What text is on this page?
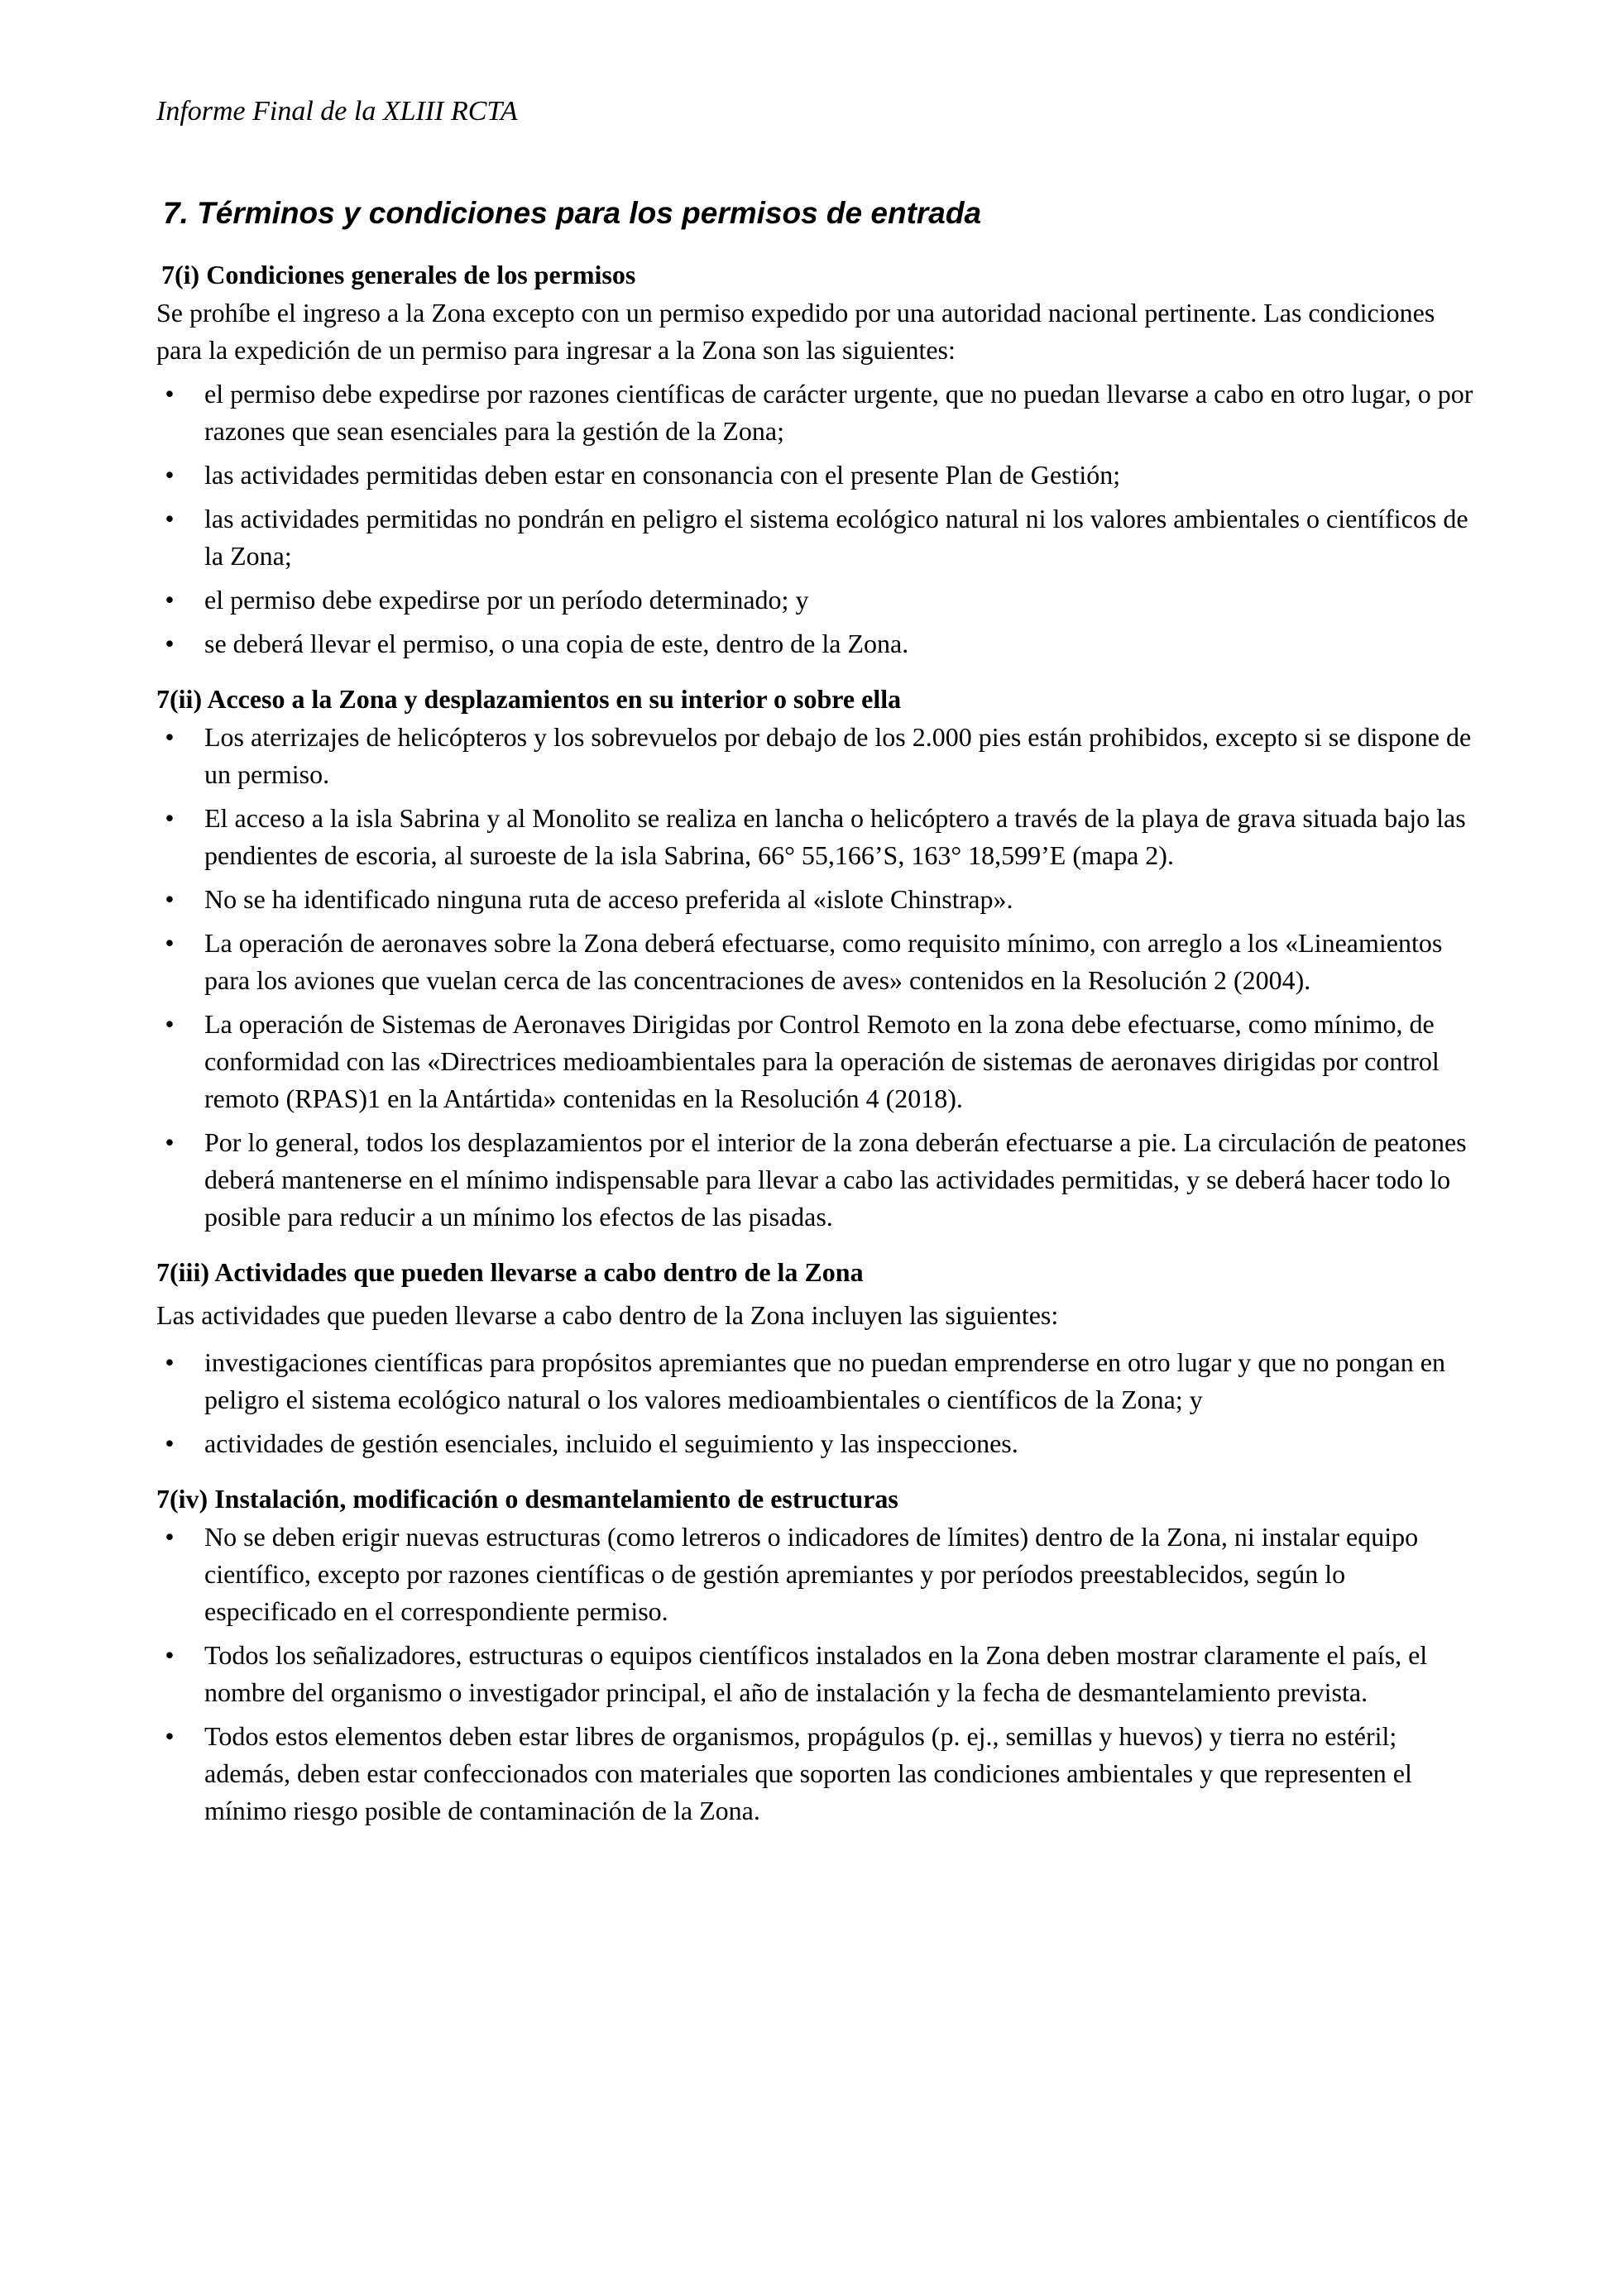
Informe Final de la XLIII RCTA
7. Términos y condiciones para los permisos de entrada
7(i) Condiciones generales de los permisos
Se prohíbe el ingreso a la Zona excepto con un permiso expedido por una autoridad nacional pertinente. Las condiciones para la expedición de un permiso para ingresar a la Zona son las siguientes:
• el permiso debe expedirse por razones científicas de carácter urgente, que no puedan llevarse a cabo en otro lugar, o por razones que sean esenciales para la gestión de la Zona;
• las actividades permitidas deben estar en consonancia con el presente Plan de Gestión;
• las actividades permitidas no pondrán en peligro el sistema ecológico natural ni los valores ambientales o científicos de la Zona;
• el permiso debe expedirse por un período determinado; y
• se deberá llevar el permiso, o una copia de este, dentro de la Zona.
7(ii) Acceso a la Zona y desplazamientos en su interior o sobre ella
• Los aterrizajes de helicópteros y los sobrevuelos por debajo de los 2.000 pies están prohibidos, excepto si se dispone de un permiso.
• El acceso a la isla Sabrina y al Monolito se realiza en lancha o helicóptero a través de la playa de grava situada bajo las pendientes de escoria, al suroeste de la isla Sabrina, 66° 55,166’S, 163° 18,599’E (mapa 2).
• No se ha identificado ninguna ruta de acceso preferida al «islote Chinstrap».
• La operación de aeronaves sobre la Zona deberá efectuarse, como requisito mínimo, con arreglo a los «Lineamientos para los aviones que vuelan cerca de las concentraciones de aves» contenidos en la Resolución 2 (2004).
• La operación de Sistemas de Aeronaves Dirigidas por Control Remoto en la zona debe efectuarse, como mínimo, de conformidad con las «Directrices medioambientales para la operación de sistemas de aeronaves dirigidas por control remoto (RPAS)1 en la Antártida» contenidas en la Resolución 4 (2018).
• Por lo general, todos los desplazamientos por el interior de la zona deberán efectuarse a pie. La circulación de peatones deberá mantenerse en el mínimo indispensable para llevar a cabo las actividades permitidas, y se deberá hacer todo lo posible para reducir a un mínimo los efectos de las pisadas.
7(iii) Actividades que pueden llevarse a cabo dentro de la Zona
Las actividades que pueden llevarse a cabo dentro de la Zona incluyen las siguientes:
• investigaciones científicas para propósitos apremiantes que no puedan emprenderse en otro lugar y que no pongan en peligro el sistema ecológico natural o los valores medioambientales o científicos de la Zona; y
• actividades de gestión esenciales, incluido el seguimiento y las inspecciones.
7(iv) Instalación, modificación o desmantelamiento de estructuras
• No se deben erigir nuevas estructuras (como letreros o indicadores de límites) dentro de la Zona, ni instalar equipo científico, excepto por razones científicas o de gestión apremiantes y por períodos preestablecidos, según lo especificado en el correspondiente permiso.
• Todos los señalizadores, estructuras o equipos científicos instalados en la Zona deben mostrar claramente el país, el nombre del organismo o investigador principal, el año de instalación y la fecha de desmantelamiento prevista.
• Todos estos elementos deben estar libres de organismos, propágulos (p. ej., semillas y huevos) y tierra no estéril; además, deben estar confeccionados con materiales que soporten las condiciones ambientales y que representen el mínimo riesgo posible de contaminación de la Zona.
